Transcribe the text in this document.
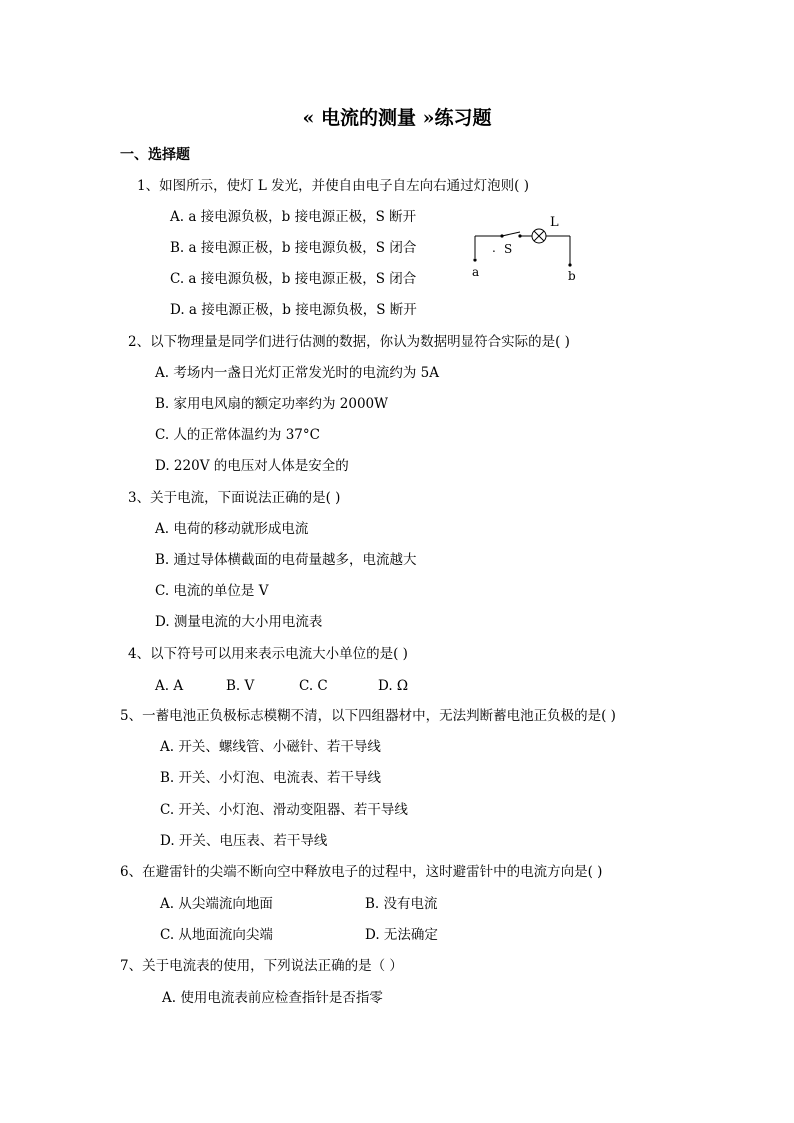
« 电流的测量 »练习题
一、选择题
1、如图所示，使灯 L 发光，并使自由电子自左向右通过灯泡则( )
A. a 接电源负极，b 接电源正极，S 断开
B. a 接电源正极，b 接电源负极，S 闭合
C. a 接电源负极，b 接电源正极，S 闭合
D. a 接电源正极，b 接电源负极，S 断开
L
. S
a	b
2、以下物理量是同学们进行估测的数据，你认为数据明显符合实际的是( )
A. 考场内一盏日光灯正常发光时的电流约为 5A
B. 家用电风扇的额定功率约为 2000W
C. 人的正常体温约为 37°C
D. 220V 的电压对人体是安全的
3、关于电流，下面说法正确的是( )
A. 电荷的移动就形成电流
B. 通过导体横截面的电荷量越多，电流越大
C. 电流的单位是 V
D. 测量电流的大小用电流表
4、以下符号可以用来表示电流大小单位的是( )
A. A	B. V	C. C	D. Ω
5、一蓄电池正负极标志模糊不清，以下四组器材中，无法判断蓄电池正负极的是( )
A. 开关、螺线管、小磁针、若干导线
B. 开关、小灯泡、电流表、若干导线
C. 开关、小灯泡、滑动变阻器、若干导线
D. 开关、电压表、若干导线
6、在避雷针的尖端不断向空中释放电子的过程中，这时避雷针中的电流方向是( )
A. 从尖端流向地面	B. 没有电流
C. 从地面流向尖端	D. 无法确定
7、关于电流表的使用，下列说法正确的是（ ）
A. 使用电流表前应检查指针是否指零
